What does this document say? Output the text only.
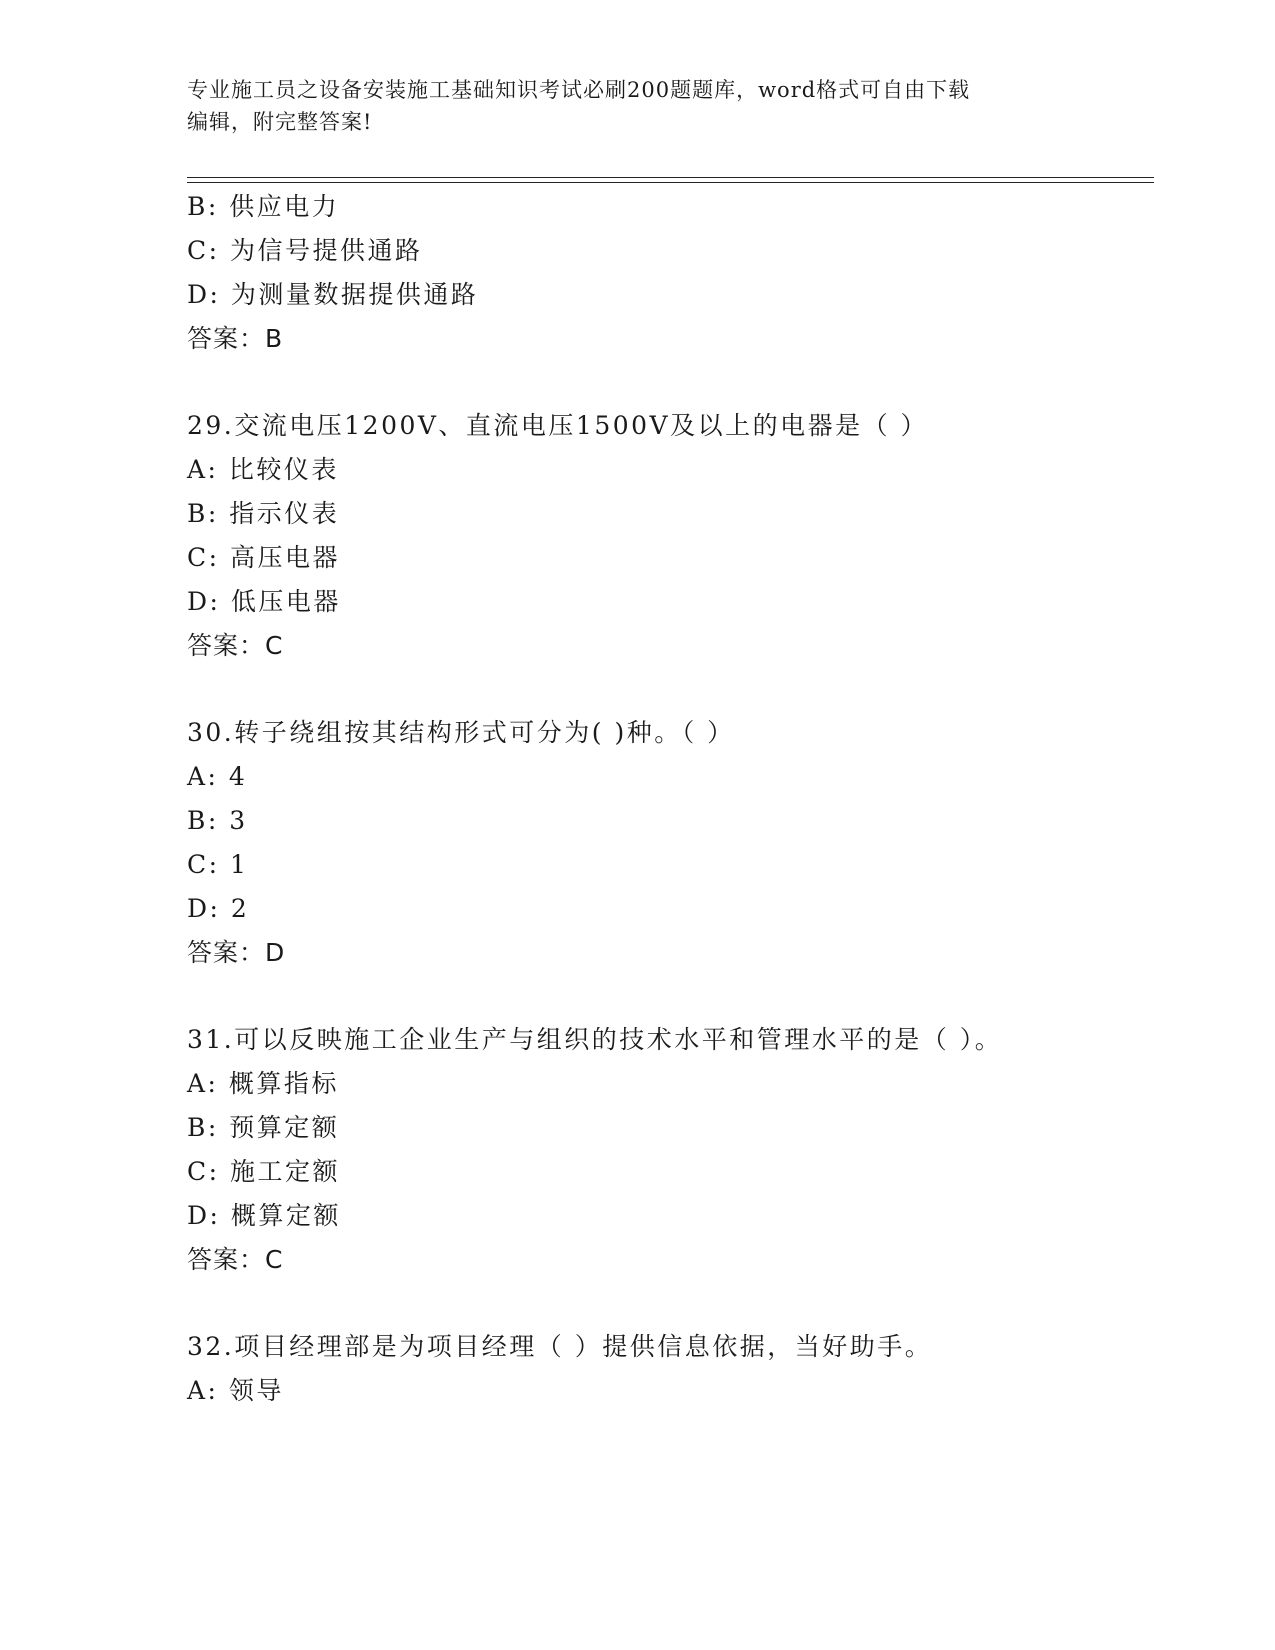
专业施工员之设备安装施工基础知识考试必刷200题题库，word格式可自由下载
编辑，附完整答案!
B: 供应电力
C: 为信号提供通路
D: 为测量数据提供通路
答案：B
29.交流电压1200V、直流电压1500V及以上的电器是（ ）
A: 比较仪表
B: 指示仪表
C: 高压电器
D: 低压电器
答案：C
30.转子绕组按其结构形式可分为( )种。（ ）
A: 4
B: 3
C: 1
D: 2
答案：D
31.可以反映施工企业生产与组织的技术水平和管理水平的是（ ）。
A: 概算指标
B: 预算定额
C: 施工定额
D: 概算定额
答案：C
32.项目经理部是为项目经理（ ）提供信息依据，当好助手。
A: 领导
